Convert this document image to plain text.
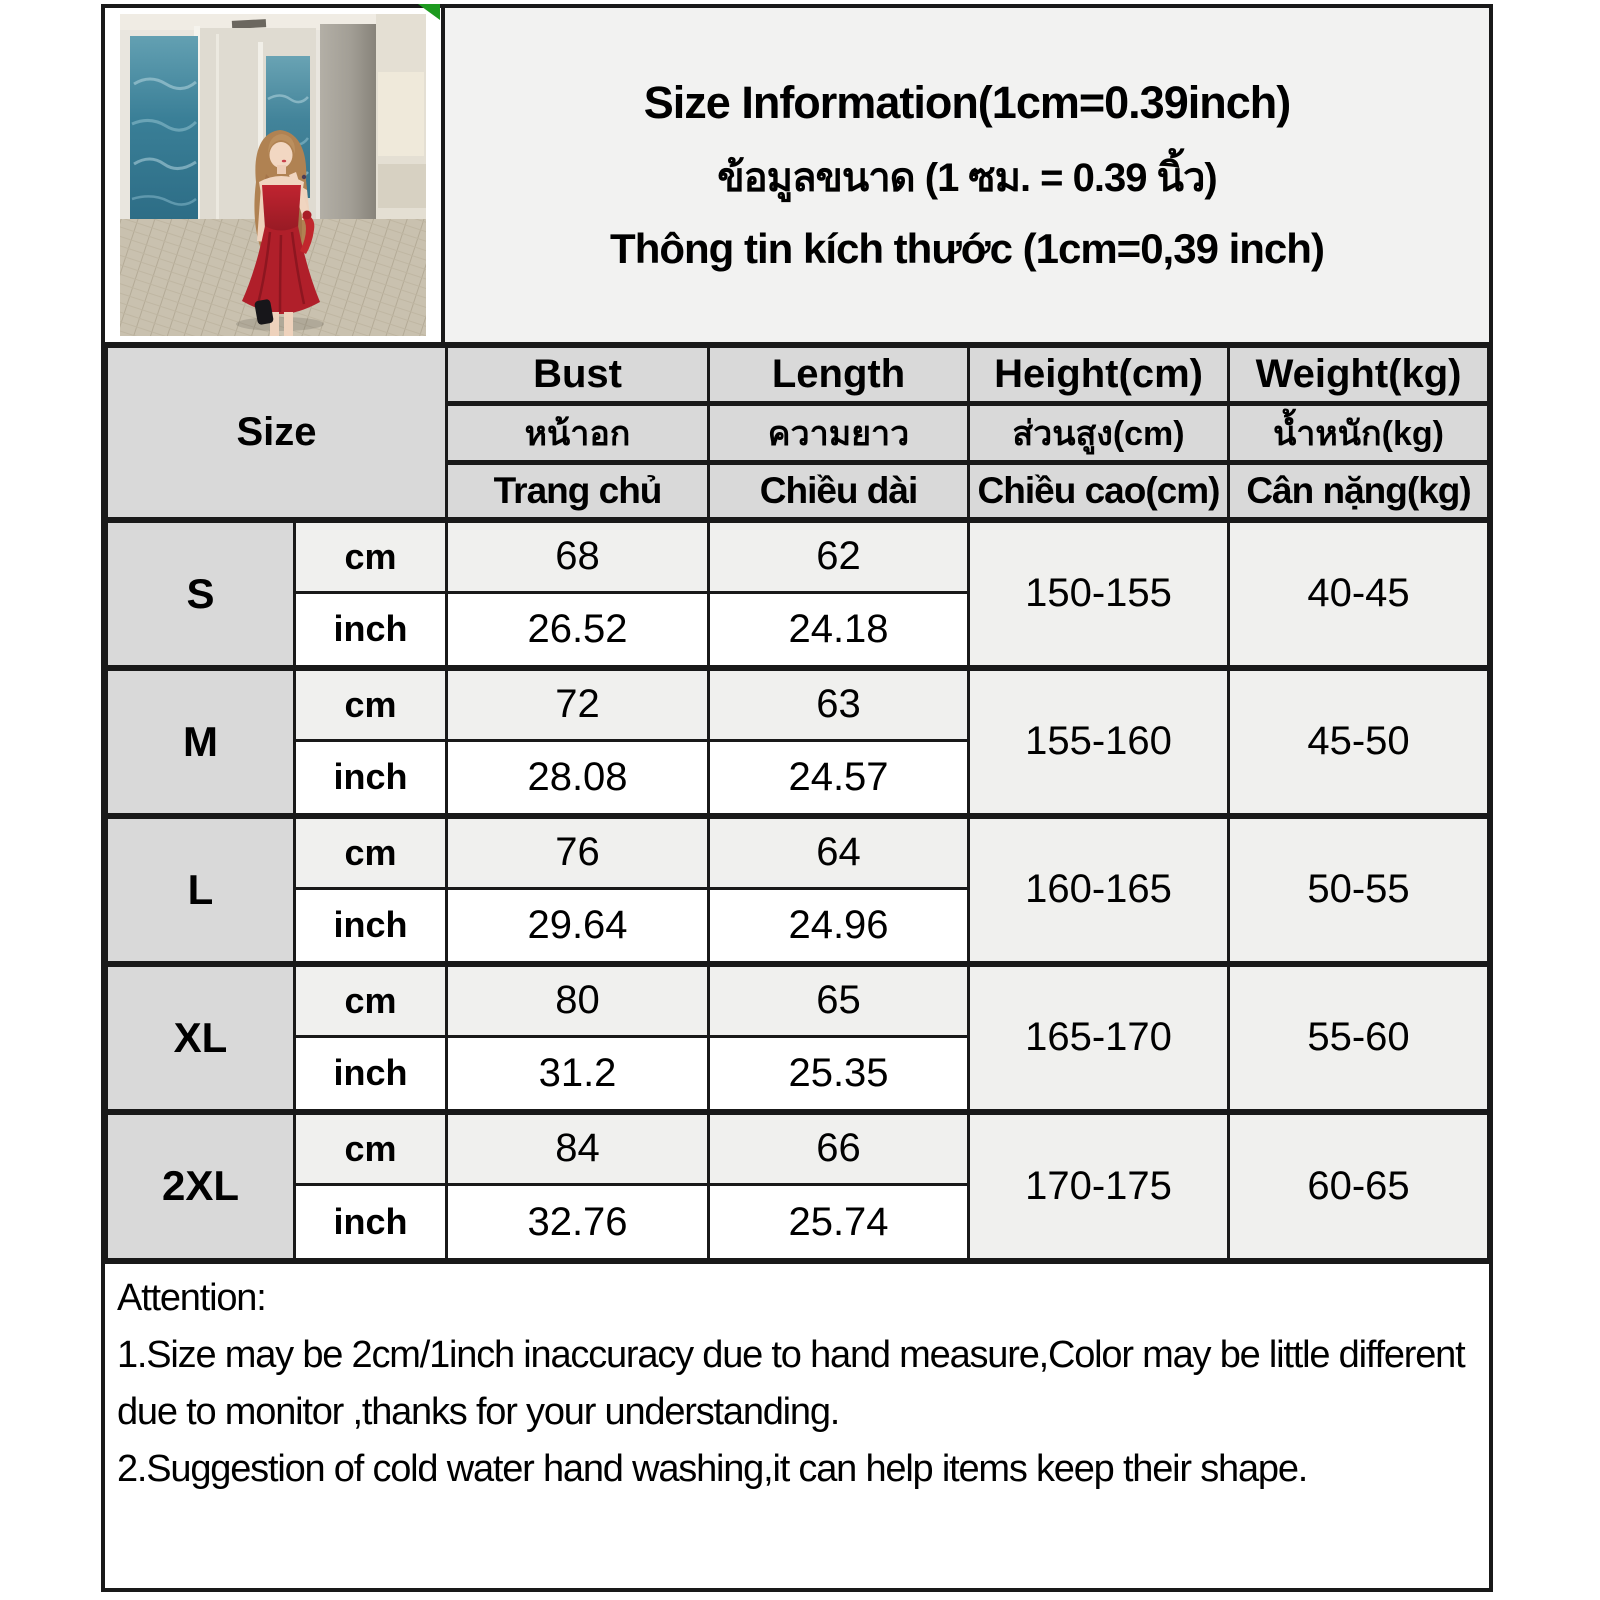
Size Information(1cm=0.39inch)
ข้อมูลขนาด (1 ซม. = 0.39 นิ้ว)
Thông tin kích thước (1cm=0,39 inch)
Size		Bust	Length	Height(cm)	Weight(kg)
		หน้าอก	ความยาว	ส่วนสูง(cm)	น้ำหนัก(kg)
		Trang chủ	Chiều dài	Chiều cao(cm)	Cân nặng(kg)
S	cm	68	62	150-155	40-45
	inch	26.52	24.18		
M	cm	72	63	155-160	45-50
	inch	28.08	24.57		
L	cm	76	64	160-165	50-55
	inch	29.64	24.96		
XL	cm	80	65	165-170	55-60
	inch	31.2	25.35		
2XL	cm	84	66	170-175	60-65
	inch	32.76	25.74		
Attention:
1.Size may be 2cm/1inch inaccuracy due to hand measure,Color may be little different due to monitor ,thanks for your understanding.
2.Suggestion of cold water hand washing,it can help items keep their shape.
